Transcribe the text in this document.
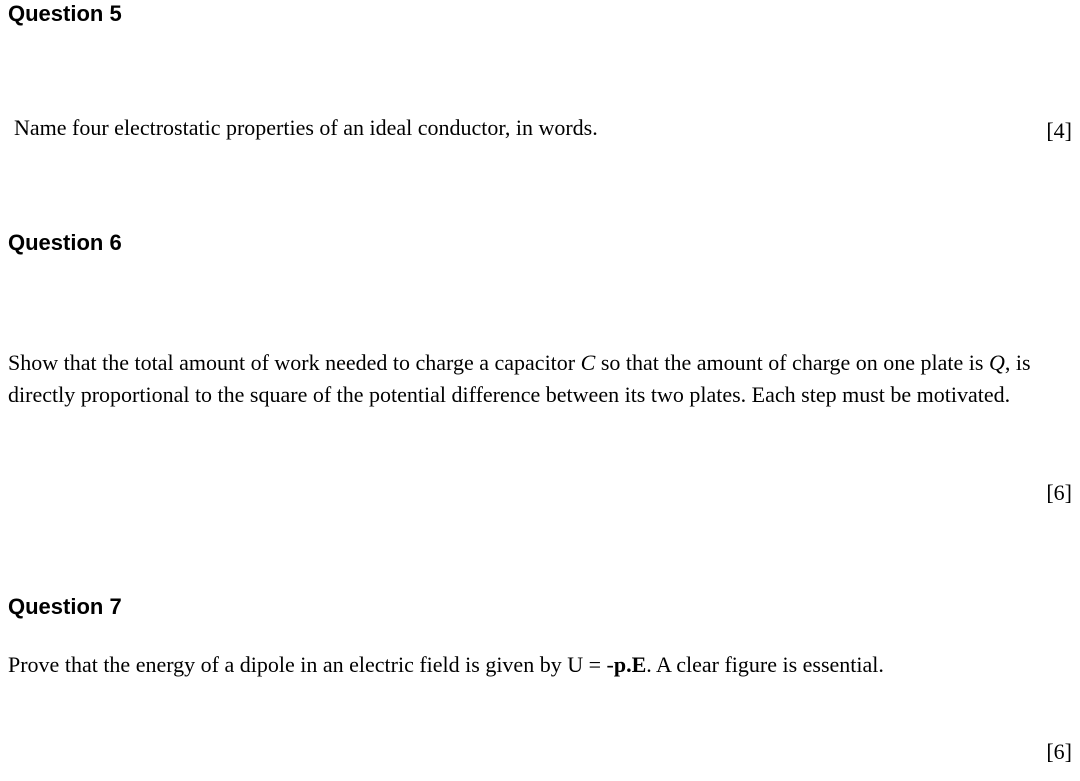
Question 5

Name four electrostatic properties of an ideal conductor, in words.	[4]

Question 6

Show that the total amount of work needed to charge a capacitor C so that the amount of charge on one plate is Q, is directly proportional to the square of the potential difference between its two plates. Each step must be motivated.

[6]

Question 7

Prove that the energy of a dipole in an electric field is given by U = -p.E. A clear figure is essential.

[6]
